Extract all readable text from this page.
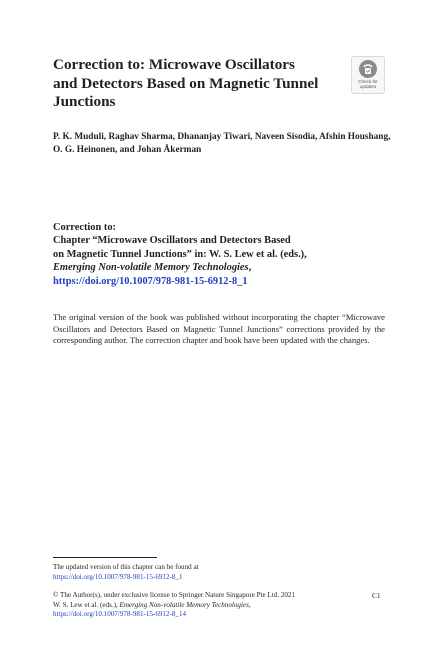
Correction to: Microwave Oscillators and Detectors Based on Magnetic Tunnel Junctions
Check for
updates

P. K. Muduli, Raghav Sharma, Dhananjay Tiwari, Naveen Sisodia, Afshin Houshang, O. G. Heinonen, and Johan Åkerman

Correction to:
Chapter “Microwave Oscillators and Detectors Based
on Magnetic Tunnel Junctions” in: W. S. Lew et al. (eds.),
Emerging Non-volatile Memory Technologies,
https://doi.org/10.1007/978-981-15-6912-8_1

The original version of the book was published without incorporating the chapter “Microwave Oscillators and Detectors Based on Magnetic Tunnel Junctions” corrections provided by the corresponding author. The correction chapter and book have been updated with the changes.

The updated version of this chapter can be found at
https://doi.org/10.1007/978-981-15-6912-8_1
© The Author(s), under exclusive license to Springer Nature Singapore Pte Ltd. 2021
W. S. Lew et al. (eds.), Emerging Non-volatile Memory Technologies,
https://doi.org/10.1007/978-981-15-6912-8_14
C1
